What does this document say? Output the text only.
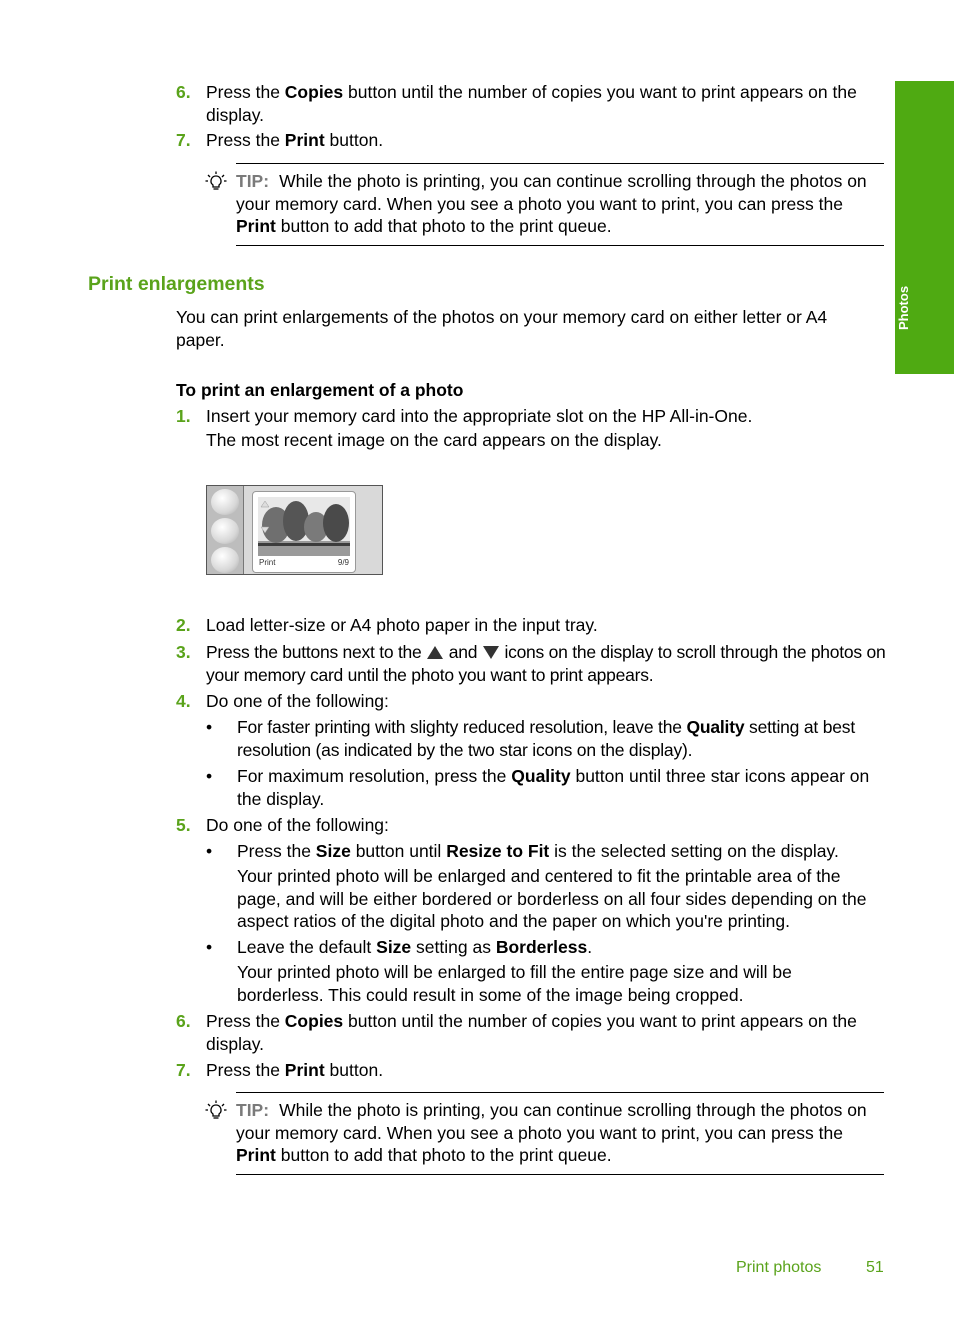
Photos
6. Press the Copies button until the number of copies you want to print appears on the display.
7. Press the Print button.
TIP: While the photo is printing, you can continue scrolling through the photos on your memory card. When you see a photo you want to print, you can press the Print button to add that photo to the print queue.
Print enlargements
You can print enlargements of the photos on your memory card on either letter or A4 paper.
To print an enlargement of a photo
1. Insert your memory card into the appropriate slot on the HP All-in-One.
The most recent image on the card appears on the display.
Print	9/9
2. Load letter-size or A4 photo paper in the input tray.
3. Press the buttons next to the  and  icons on the display to scroll through the photos on your memory card until the photo you want to print appears.
4. Do one of the following:
• For faster printing with slighty reduced resolution, leave the Quality setting at best resolution (as indicated by the two star icons on the display).
• For maximum resolution, press the Quality button until three star icons appear on the display.
5. Do one of the following:
• Press the Size button until Resize to Fit is the selected setting on the display.
Your printed photo will be enlarged and centered to fit the printable area of the page, and will be either bordered or borderless on all four sides depending on the aspect ratios of the digital photo and the paper on which you're printing.
• Leave the default Size setting as Borderless.
Your printed photo will be enlarged to fill the entire page size and will be borderless. This could result in some of the image being cropped.
6. Press the Copies button until the number of copies you want to print appears on the display.
7. Press the Print button.
TIP: While the photo is printing, you can continue scrolling through the photos on your memory card. When you see a photo you want to print, you can press the Print button to add that photo to the print queue.
Print photos	51
